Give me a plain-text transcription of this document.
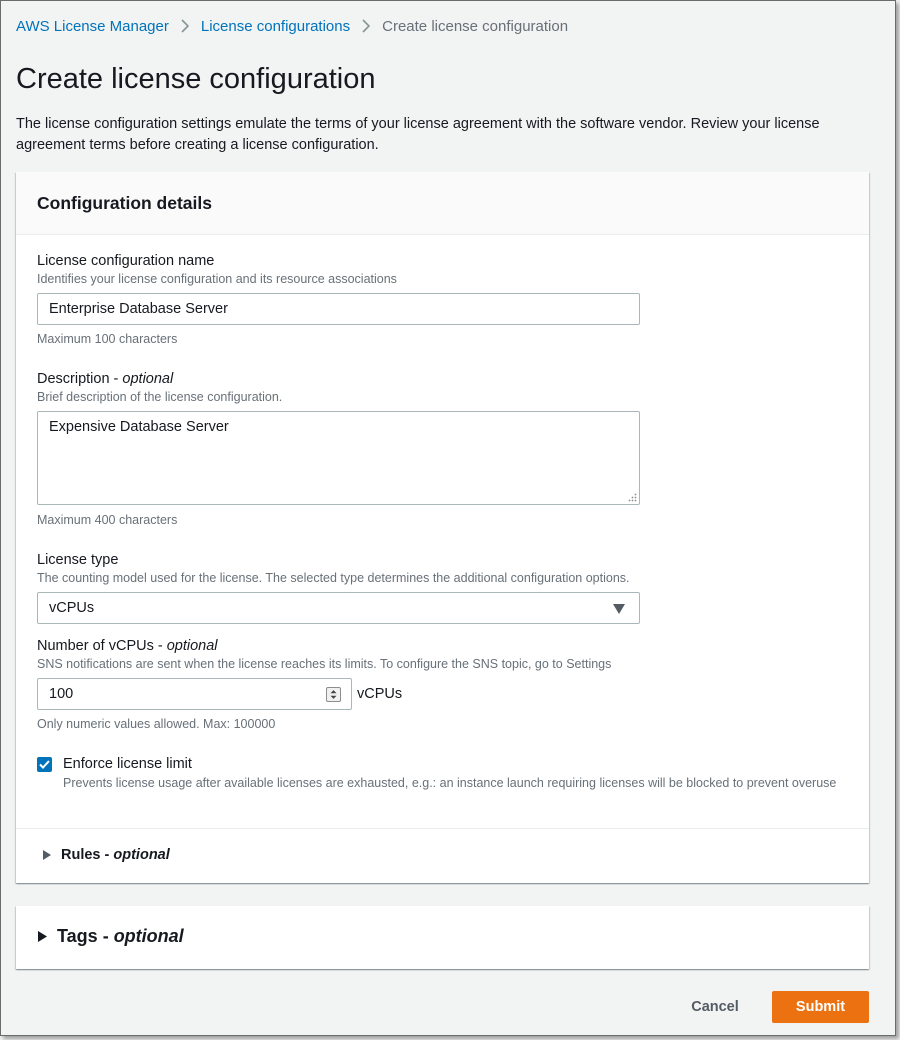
AWS License Manager License configurations Create license configuration
Create license configuration

The license configuration settings emulate the terms of your license agreement with the software vendor. Review your license agreement terms before creating a license configuration.

Configuration details
License configuration name
Identifies your license configuration and its resource associations
Enterprise Database Server
Maximum 100 characters
Description - optional
Brief description of the license configuration.
Expensive Database Server
Maximum 400 characters
License type
The counting model used for the license. The selected type determines the additional configuration options.
vCPUs
Number of vCPUs - optional
SNS notifications are sent when the license reaches its limits. To configure the SNS topic, go to Settings
100	vCPUs
Only numeric values allowed. Max: 100000
Enforce license limit
Prevents license usage after available licenses are exhausted, e.g.: an instance launch requiring licenses will be blocked to prevent overuse
Rules - optional
Tags - optional
Cancel	Submit
